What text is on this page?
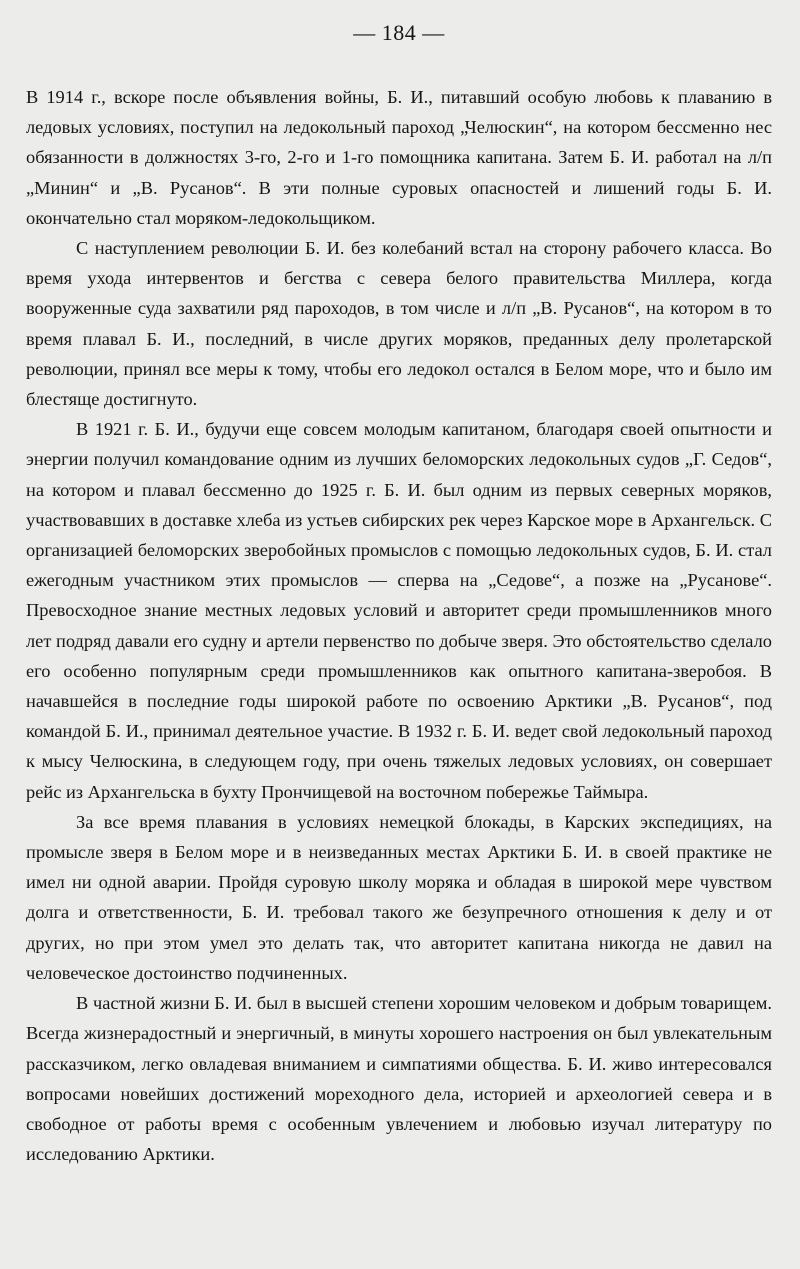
— 184 —

В 1914 г., вскоре после объявления войны, Б. И., питавший особую любовь к плаванию в ледовых условиях, поступил на ледокольный пароход „Челюскин“, на котором бессменно нес обязанности в должностях 3-го, 2-го и 1-го помощника капитана. Затем Б. И. работал на л/п „Минин“ и „В. Русанов“. В эти полные суровых опасностей и лишений годы Б. И. окончательно стал моряком-ледокольщиком.

С наступлением революции Б. И. без колебаний встал на сторону рабочего класса. Во время ухода интервентов и бегства с севера белого правительства Миллера, когда вооруженные суда захватили ряд пароходов, в том числе и л/п „В. Русанов“, на котором в то время плавал Б. И., последний, в числе других моряков, преданных делу пролетарской революции, принял все меры к тому, чтобы его ледокол остался в Белом море, что и было им блестяще достигнуто.

В 1921 г. Б. И., будучи еще совсем молодым капитаном, благодаря своей опытности и энергии получил командование одним из лучших беломорских ледокольных судов „Г. Седов“, на котором и плавал бессменно до 1925 г. Б. И. был одним из первых северных моряков, участвовавших в доставке хлеба из устьев сибирских рек через Карское море в Архангельск. С организацией беломорских зверобойных промыслов с помощью ледокольных судов, Б. И. стал ежегодным участником этих промыслов — сперва на „Седове“, а позже на „Русанове“. Превосходное знание местных ледовых условий и авторитет среди промышленников много лет подряд давали его судну и артели первенство по добыче зверя. Это обстоятельство сделало его особенно популярным среди промышленников как опытного капитана-зверобоя. В начавшейся в последние годы широкой работе по освоению Арктики „В. Русанов“, под командой Б. И., принимал деятельное участие. В 1932 г. Б. И. ведет свой ледокольный пароход к мысу Челюскина, в следующем году, при очень тяжелых ледовых условиях, он совершает рейс из Архангельска в бухту Прончищевой на восточном побережье Таймыра.

За все время плавания в условиях немецкой блокады, в Карских экспедициях, на промысле зверя в Белом море и в неизведанных местах Арктики Б. И. в своей практике не имел ни одной аварии. Пройдя суровую школу моряка и обладая в широкой мере чувством долга и ответственности, Б. И. требовал такого же безупречного отношения к делу и от других, но при этом умел это делать так, что авторитет капитана никогда не давил на человеческое достоинство подчиненных.

В частной жизни Б. И. был в высшей степени хорошим человеком и добрым товарищем. Всегда жизнерадостный и энергичный, в минуты хорошего настроения он был увлекательным рассказчиком, легко овладевая вниманием и симпатиями общества. Б. И. живо интересовался вопросами новейших достижений мореходного дела, историей и археологией севера и в свободное от работы время с особенным увлечением и любовью изучал литературу по исследованию Арктики.
